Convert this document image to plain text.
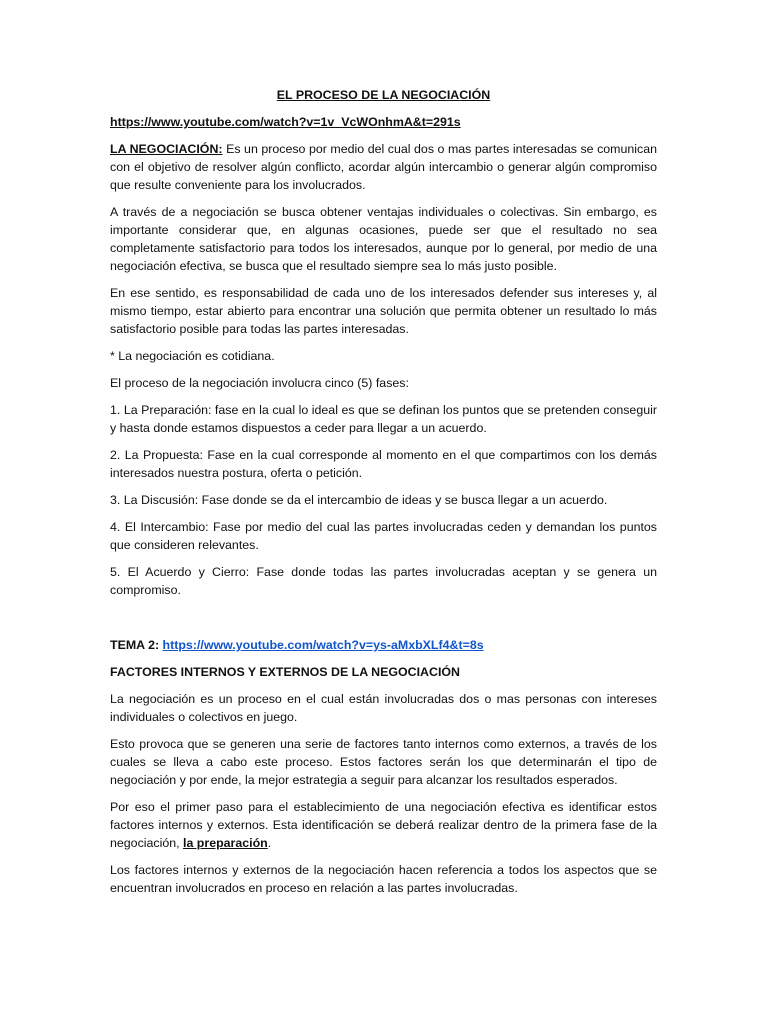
EL PROCESO DE LA NEGOCIACIÓN
https://www.youtube.com/watch?v=1v_VcWOnhmA&t=291s

LA NEGOCIACIÓN: Es un proceso por medio del cual dos o mas partes interesadas se comunican con el objetivo de resolver algún conflicto, acordar algún intercambio o generar algún compromiso que resulte conveniente para los involucrados.

A través de a negociación se busca obtener ventajas individuales o colectivas. Sin embargo, es importante considerar que, en algunas ocasiones, puede ser que el resultado no sea completamente satisfactorio para todos los interesados, aunque por lo general, por medio de una negociación efectiva, se busca que el resultado siempre sea lo más justo posible.

En ese sentido, es responsabilidad de cada uno de los interesados defender sus intereses y, al mismo tiempo, estar abierto para encontrar una solución que permita obtener un resultado lo más satisfactorio posible para todas las partes interesadas.

* La negociación es cotidiana.

El proceso de la negociación involucra cinco (5) fases:

1. La Preparación: fase en la cual lo ideal es que se definan los puntos que se pretenden conseguir y hasta donde estamos dispuestos a ceder para llegar a un acuerdo.

2. La Propuesta: Fase en la cual corresponde al momento en el que compartimos con los demás interesados nuestra postura, oferta o petición.

3. La Discusión: Fase donde se da el intercambio de ideas y se busca llegar a un acuerdo.

4. El Intercambio: Fase por medio del cual las partes involucradas ceden y demandan los puntos que consideren relevantes.

5. El Acuerdo y Cierro: Fase donde todas las partes involucradas aceptan y se genera un compromiso.

TEMA 2: https://www.youtube.com/watch?v=ys-aMxbXLf4&t=8s

FACTORES INTERNOS Y EXTERNOS DE LA NEGOCIACIÓN

La negociación es un proceso en el cual están involucradas dos o mas personas con intereses individuales o colectivos en juego.

Esto provoca que se generen una serie de factores tanto internos como externos, a través de los cuales se lleva a cabo este proceso. Estos factores serán los que determinarán el tipo de negociación y por ende, la mejor estrategia a seguir para alcanzar los resultados esperados.

Por eso el primer paso para el establecimiento de una negociación efectiva es identificar estos factores internos y externos. Esta identificación se deberá realizar dentro de la primera fase de la negociación, la preparación.

Los factores internos y externos de la negociación hacen referencia a todos los aspectos que se encuentran involucrados en proceso en relación a las partes involucradas.
